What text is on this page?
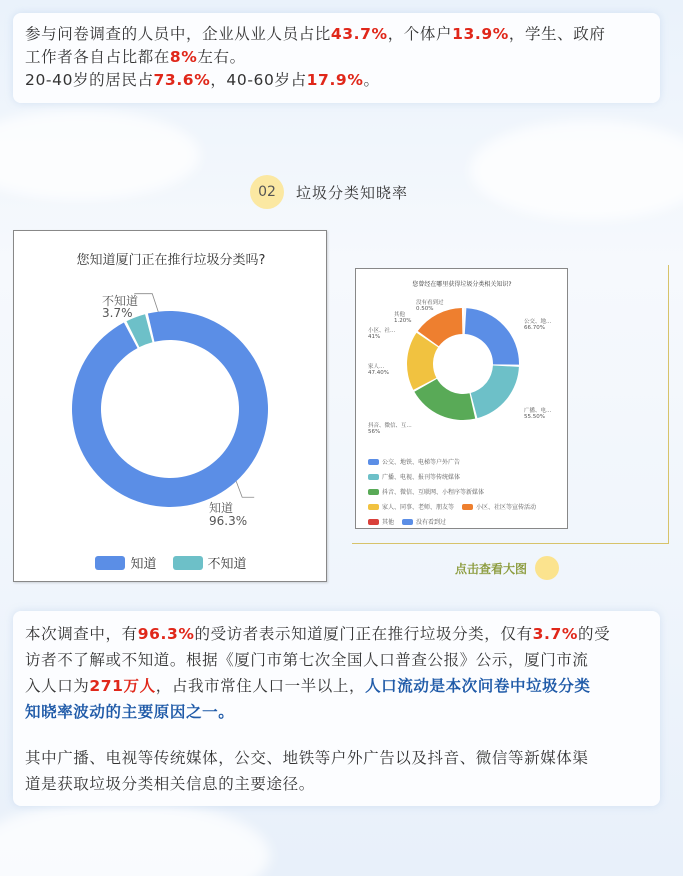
参与问卷调查的人员中，企业从业人员占比43.7%，个体户13.9%，学生、政府
工作者各自占比都在8%左右。
20-40岁的居民占73.6%，40-60岁占17.9%。
02	垃圾分类知晓率
您知道厦门正在推行垃圾分类吗?
不知道 3.7%
知道 96.3%
知道	不知道
您曾经在哪里获得垃圾分类相关知识?
公交、地... 66.70%
广播、电... 55.50%
抖音、微信、互... 56%
家人... 47.40%
小区、社... 41%
其他 1.20%
没有看到过 0.50%
公交、地铁、电梯等户外广告
广播、电视、报刊等传统媒体
抖音、微信、互联网、小程序等新媒体
家人、同事、老师、朋友等	小区、社区等宣传活动
其他	没有看到过
点击查看大图
本次调查中，有96.3%的受访者表示知道厦门正在推行垃圾分类，仅有3.7%的受
访者不了解或不知道。根据《厦门市第七次全国人口普查公报》公示，厦门市流
入人口为271万人，占我市常住人口一半以上，人口流动是本次问卷中垃圾分类
知晓率波动的主要原因之一。
其中广播、电视等传统媒体，公交、地铁等户外广告以及抖音、微信等新媒体渠
道是获取垃圾分类相关信息的主要途径。
